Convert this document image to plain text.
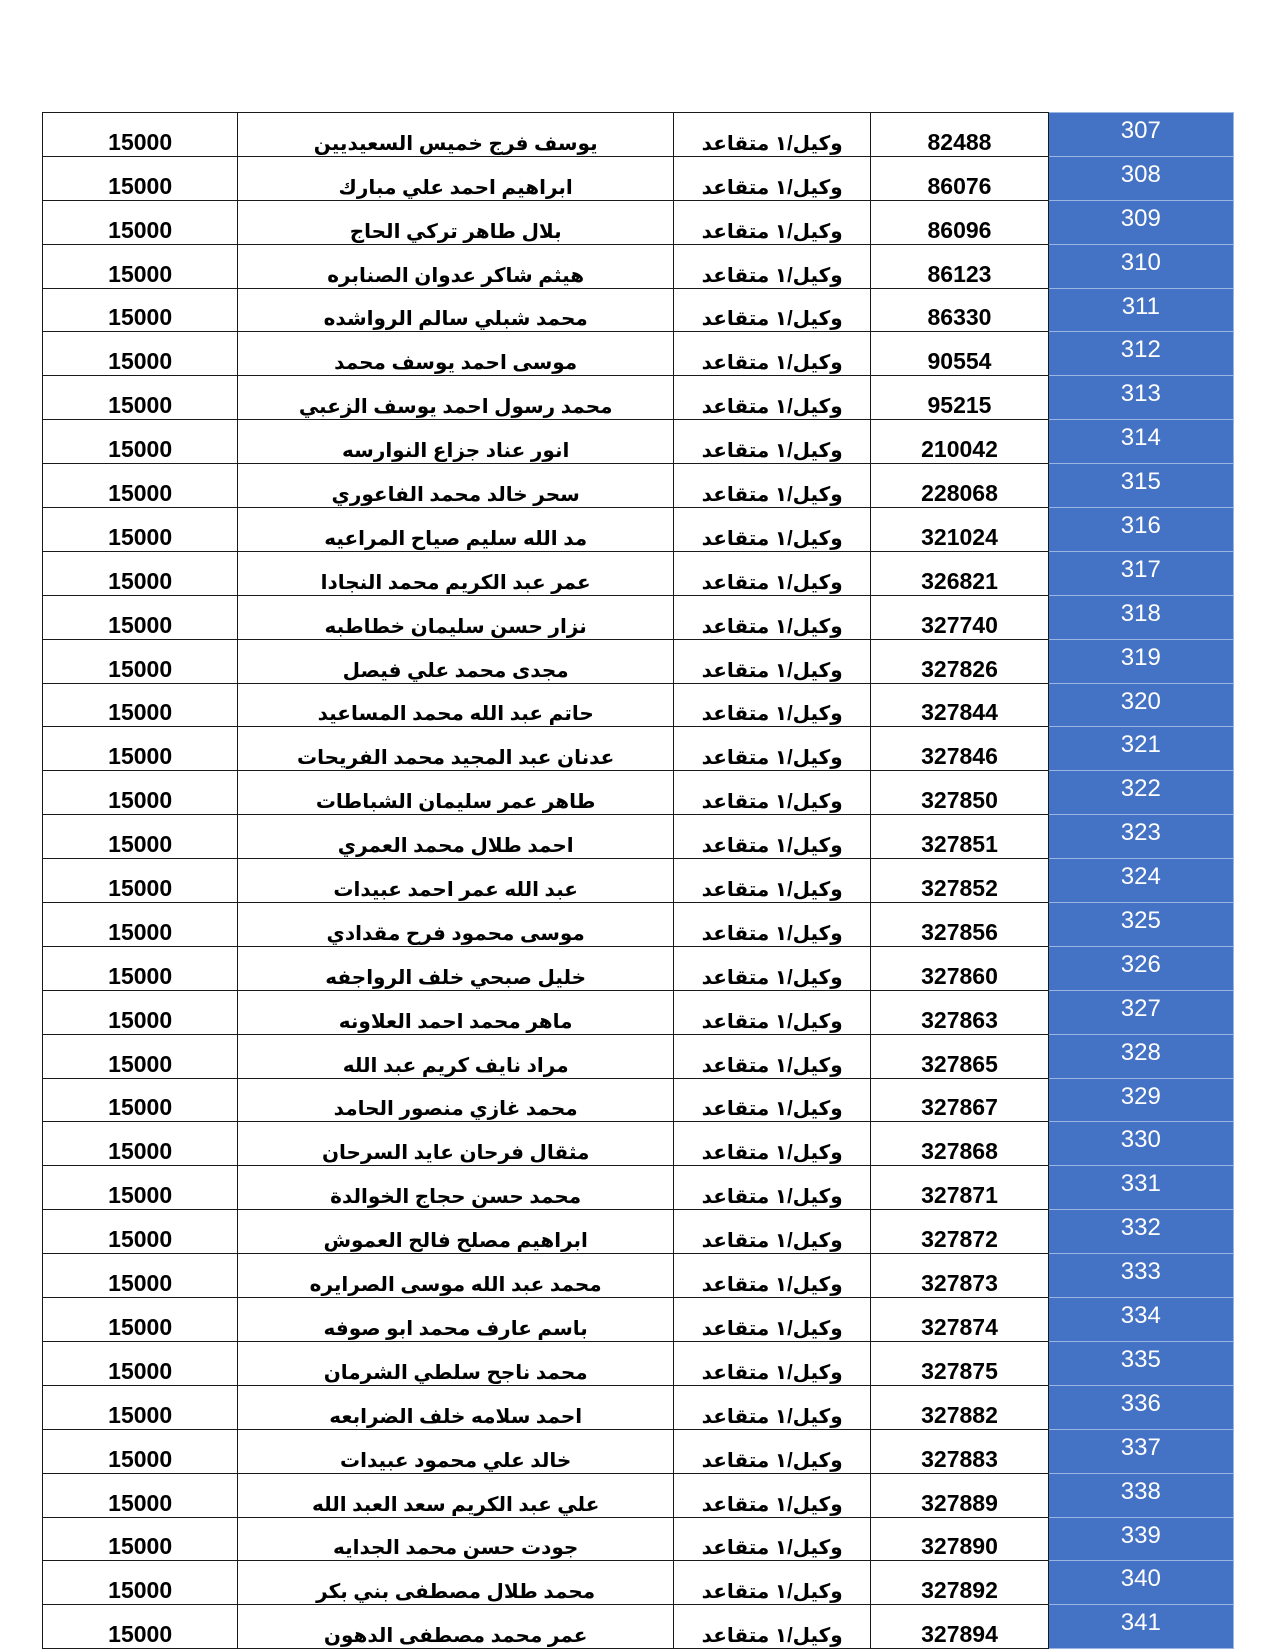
15000	يوسف فرج خميس السعيديين	وكيل/١ متقاعد	82488	307
15000	ابراهيم احمد علي مبارك	وكيل/١ متقاعد	86076	308
15000	بلال طاهر تركي الحاج	وكيل/١ متقاعد	86096	309
15000	هيثم شاكر عدوان الصنابره	وكيل/١ متقاعد	86123	310
15000	محمد شبلي سالم الرواشده	وكيل/١ متقاعد	86330	311
15000	موسى احمد يوسف محمد	وكيل/١ متقاعد	90554	312
15000	محمد رسول احمد يوسف الزعبي	وكيل/١ متقاعد	95215	313
15000	انور عناد جزاع النوارسه	وكيل/١ متقاعد	210042	314
15000	سحر خالد محمد الفاعوري	وكيل/١ متقاعد	228068	315
15000	مد الله سليم صياح المراعيه	وكيل/١ متقاعد	321024	316
15000	عمر عبد الكريم محمد النجادا	وكيل/١ متقاعد	326821	317
15000	نزار حسن سليمان خطاطبه	وكيل/١ متقاعد	327740	318
15000	مجدى محمد علي فيصل	وكيل/١ متقاعد	327826	319
15000	حاتم عبد الله محمد المساعيد	وكيل/١ متقاعد	327844	320
15000	عدنان عبد المجيد محمد الفريحات	وكيل/١ متقاعد	327846	321
15000	طاهر عمر سليمان الشباطات	وكيل/١ متقاعد	327850	322
15000	احمد طلال محمد العمري	وكيل/١ متقاعد	327851	323
15000	عبد الله عمر احمد عبيدات	وكيل/١ متقاعد	327852	324
15000	موسى محمود فرح مقدادي	وكيل/١ متقاعد	327856	325
15000	خليل صبحي خلف الرواجفه	وكيل/١ متقاعد	327860	326
15000	ماهر محمد احمد العلاونه	وكيل/١ متقاعد	327863	327
15000	مراد نايف كريم عبد الله	وكيل/١ متقاعد	327865	328
15000	محمد غازي منصور الحامد	وكيل/١ متقاعد	327867	329
15000	مثقال فرحان عايد السرحان	وكيل/١ متقاعد	327868	330
15000	محمد حسن حجاج الخوالدة	وكيل/١ متقاعد	327871	331
15000	ابراهيم مصلح فالح العموش	وكيل/١ متقاعد	327872	332
15000	محمد عبد الله موسى الصرايره	وكيل/١ متقاعد	327873	333
15000	باسم عارف محمد ابو صوفه	وكيل/١ متقاعد	327874	334
15000	محمد ناجح سلطي الشرمان	وكيل/١ متقاعد	327875	335
15000	احمد سلامه خلف الضرابعه	وكيل/١ متقاعد	327882	336
15000	خالد علي محمود عبيدات	وكيل/١ متقاعد	327883	337
15000	علي عبد الكريم سعد العبد الله	وكيل/١ متقاعد	327889	338
15000	جودت حسن محمد الجدايه	وكيل/١ متقاعد	327890	339
15000	محمد طلال مصطفى بني بكر	وكيل/١ متقاعد	327892	340
15000	عمر محمد مصطفى الدهون	وكيل/١ متقاعد	327894	341
